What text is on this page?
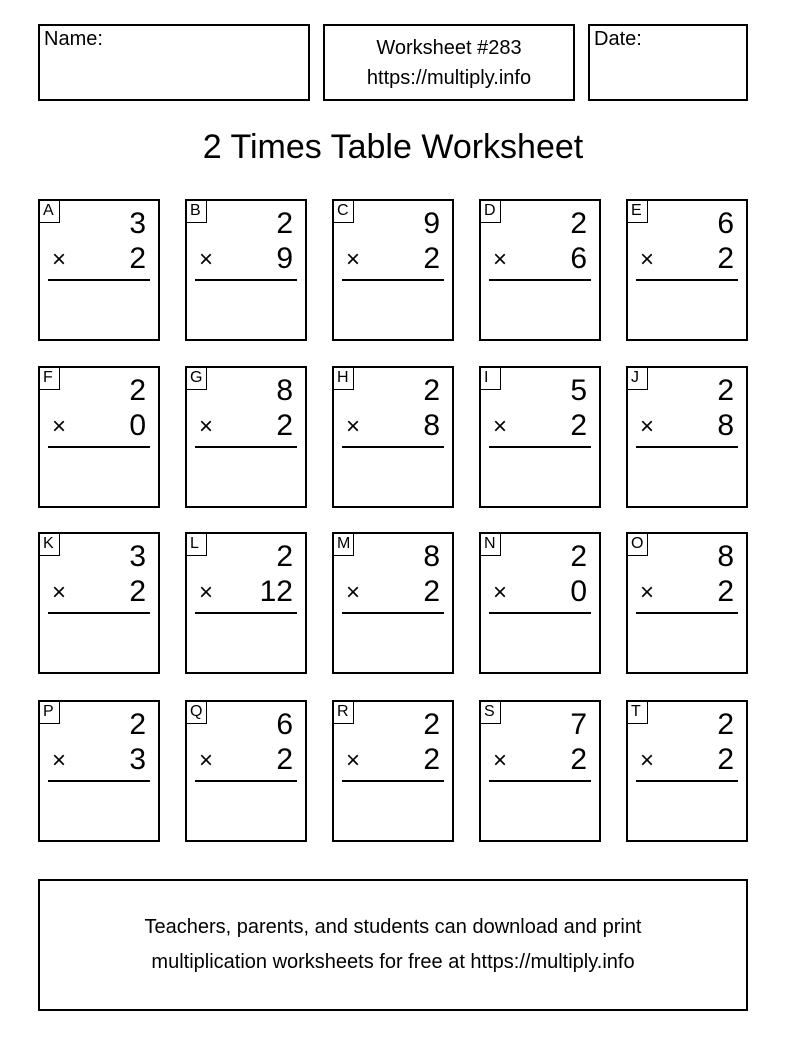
Name:	Worksheet #283
https://multiply.info
Date:
2 Times Table Worksheet
A	3
× 2
B	2
× 9
C 9
× 2
D 2
× 6
E	6
× 2
F	2
× 0
G 8
× 2
H 2
× 8
I	5
× 2
J	2
× 8
K	3
× 2
L	2
× 12
M 8
× 2
N 2
× 0
O 8
× 2
P	2
× 3
Q 6
× 2
R 2
× 2
S	7
× 2
T	2
× 2
Teachers, parents, and students can download and print
multiplication worksheets for free at https://multiply.info
